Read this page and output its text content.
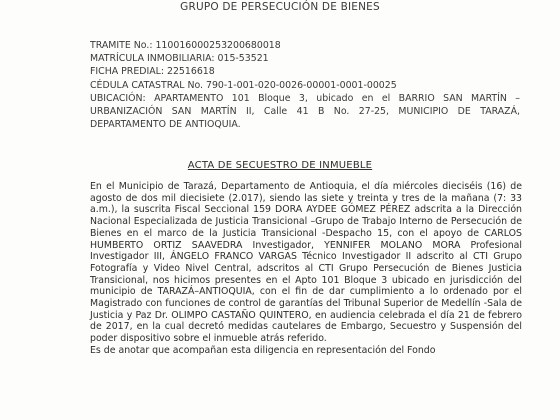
GRUPO DE PERSECUCIÓN DE BIENES
TRAMITE No.: 110016000253200680018
MATRÍCULA INMOBILIARIA: 015-53521
FICHA PREDIAL: 22516618
CÉDULA CATASTRAL No. 790-1-001-020-0026-00001-0001-00025
UBICACIÓN: APARTAMENTO 101 Bloque 3, ubicado en el BARRIO SAN MARTÍN –URBANIZACIÓN SAN MARTÍN II, Calle 41 B No. 27-25, MUNICIPIO DE TARAZÁ, DEPARTAMENTO DE ANTIOQUIA.
ACTA DE SECUESTRO DE INMUEBLE

En el Municipio de Tarazá, Departamento de Antioquia, el día miércoles dieciséis (16) de agosto de dos mil diecisiete (2.017), siendo las siete y treinta y tres de la mañana (7: 33 a.m.), la suscrita Fiscal Seccional 159 DORA AYDEE GÓMEZ PÉREZ adscrita a la Dirección Nacional Especializada de Justicia Transicional –Grupo de Trabajo Interno de Persecución de Bienes en el marco de la Justicia Transicional -Despacho 15, con el apoyo de CARLOS HUMBERTO ORTIZ SAAVEDRA Investigador, YENNIFER MOLANO MORA Profesional Investigador III, ÁNGELO FRANCO VARGAS Técnico Investigador II adscrito al CTI Grupo Fotografía y Video Nivel Central, adscritos al CTI Grupo Persecución de Bienes Justicia Transicional, nos hicimos presentes en el Apto 101 Bloque 3 ubicado en jurisdicción del municipio de TARAZÁ–ANTIOQUIA, con el fin de dar cumplimiento a lo ordenado por el Magistrado con funciones de control de garantías del Tribunal Superior de Medellín -Sala de Justicia y Paz Dr. OLIMPO CASTAÑO QUINTERO, en audiencia celebrada el día 21 de febrero de 2017, en la cual decretó medidas cautelares de Embargo, Secuestro y Suspensión del poder dispositivo sobre el inmueble atrás referido.

Es de anotar que acompañan esta diligencia en representación del Fondo
